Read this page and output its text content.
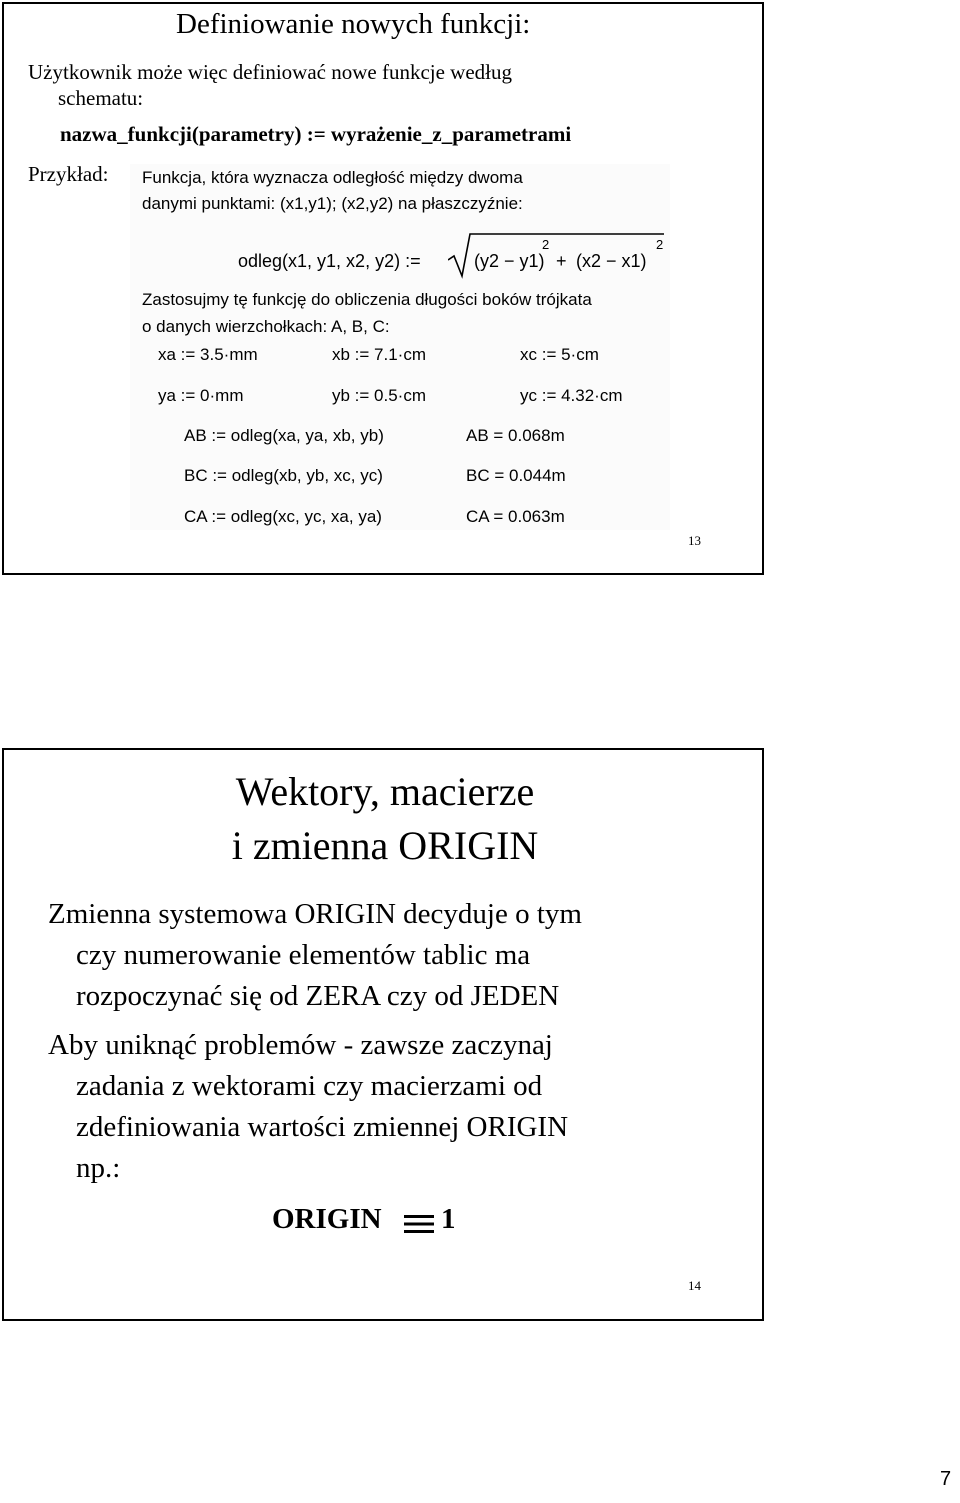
Definiowanie nowych funkcji:
Użytkownik może więc definiować nowe funkcje według
schematu:
nazwa_funkcji(parametry) := wyrażenie_z_parametrami
Przykład: Funkcja, która wyznacza odległość między dwoma
danymi punktami: (x1,y1); (x2,y2) na płaszczyźnie:
odleg(x1, y1, x2, y2) :=	(y2 − y1)
2
+ (x2 − x1)
2
Zastosujmy tę funkcję do obliczenia długości boków trójkata
o danych wierzchołkach: A, B, C:
xa := 3.5·mm	xb := 7.1·cm	xc := 5·cm
ya := 0·mm	yb := 0.5·cm	yc := 4.32·cm
AB := odleg(xa, ya, xb, yb)	AB = 0.068m
BC := odleg(xb, yb, xc, yc)	BC = 0.044m
CA := odleg(xc, yc, xa, ya)	CA = 0.063m
13
Wektory, macierze
i zmienna ORIGIN
Zmienna systemowa ORIGIN decyduje o tym
czy numerowanie elementów tablic ma
rozpoczynać się od ZERA czy od JEDEN
Aby uniknąć problemów - zawsze zaczynaj
zadania z wektorami czy macierzami od
zdefiniowania wartości zmiennej ORIGIN
np.:
ORIGIN 1
14
7
